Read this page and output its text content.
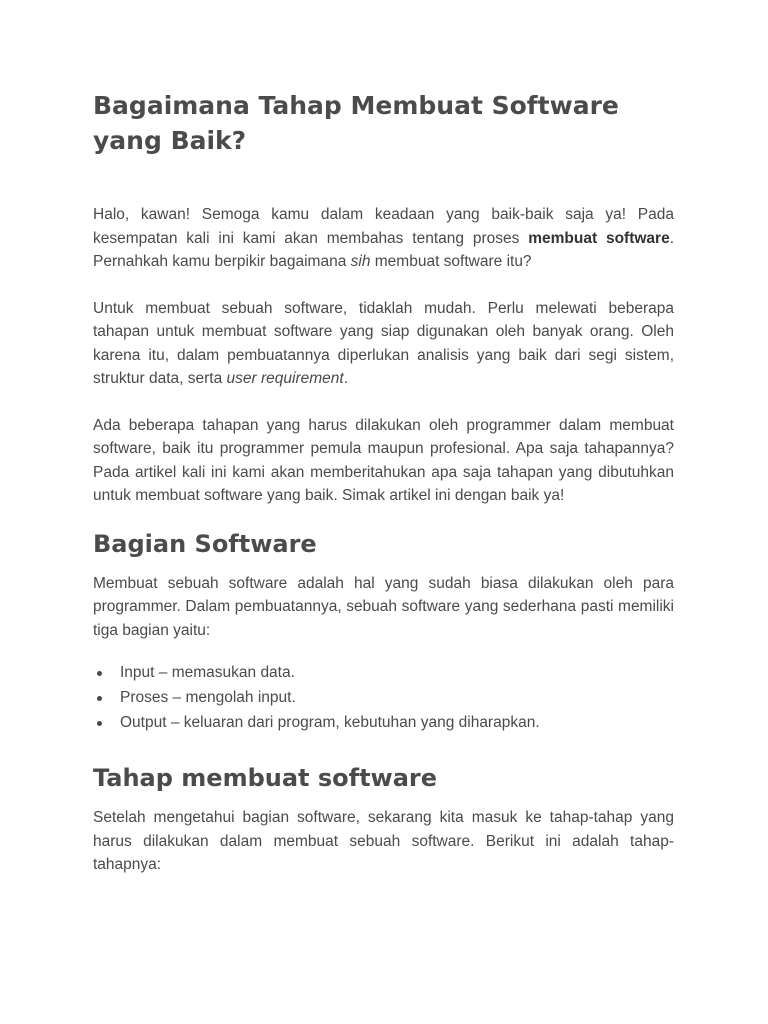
Bagaimana Tahap Membuat Software yang Baik?

Halo, kawan! Semoga kamu dalam keadaan yang baik-baik saja ya! Pada kesempatan kali ini kami akan membahas tentang proses membuat software. Pernahkah kamu berpikir bagaimana sih membuat software itu?

Untuk membuat sebuah software, tidaklah mudah. Perlu melewati beberapa tahapan untuk membuat software yang siap digunakan oleh banyak orang. Oleh karena itu, dalam pembuatannya diperlukan analisis yang baik dari segi sistem, struktur data, serta user requirement.

Ada beberapa tahapan yang harus dilakukan oleh programmer dalam membuat software, baik itu programmer pemula maupun profesional. Apa saja tahapannya? Pada artikel kali ini kami akan memberitahukan apa saja tahapan yang dibutuhkan untuk membuat software yang baik. Simak artikel ini dengan baik ya!

Bagian Software

Membuat sebuah software adalah hal yang sudah biasa dilakukan oleh para programmer. Dalam pembuatannya, sebuah software yang sederhana pasti memiliki tiga bagian yaitu:

Input – memasukan data.
Proses – mengolah input.
Output – keluaran dari program, kebutuhan yang diharapkan.
Tahap membuat software

Setelah mengetahui bagian software, sekarang kita masuk ke tahap-tahap yang harus dilakukan dalam membuat sebuah software. Berikut ini adalah tahap-tahapnya:
